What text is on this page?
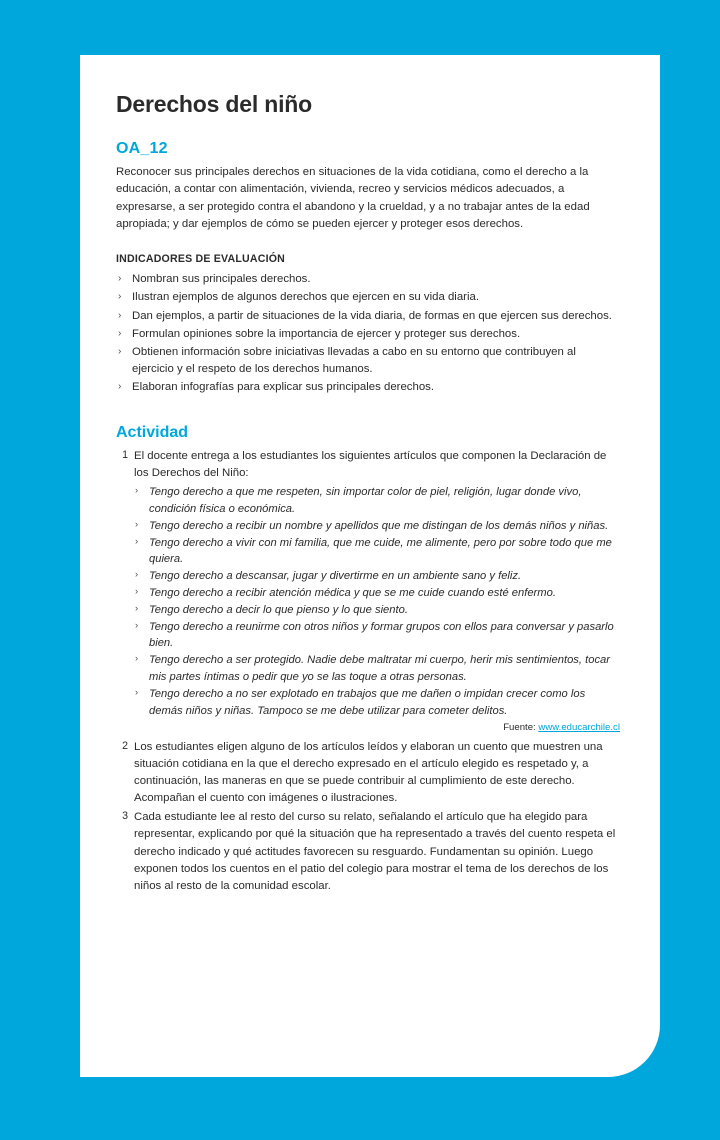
Derechos del niño
OA_12

Reconocer sus principales derechos en situaciones de la vida cotidiana, como el derecho a la educación, a contar con alimentación, vivienda, recreo y servicios médicos adecuados, a expresarse, a ser protegido contra el abandono y la crueldad, y a no trabajar antes de la edad apropiada; y dar ejemplos de cómo se pueden ejercer y proteger esos derechos.

INDICADORES DE EVALUACIÓN
› Nombran sus principales derechos.
› Ilustran ejemplos de algunos derechos que ejercen en su vida diaria.
› Dan ejemplos, a partir de situaciones de la vida diaria, de formas en que ejercen sus derechos.
› Formulan opiniones sobre la importancia de ejercer y proteger sus derechos.
› Obtienen información sobre iniciativas llevadas a cabo en su entorno que contribuyen al ejercicio y el respeto de los derechos humanos.
› Elaboran infografías para explicar sus principales derechos.
Actividad
1 El docente entrega a los estudiantes los siguientes artículos que componen la Declaración de los Derechos del Niño:
› Tengo derecho a que me respeten, sin importar color de piel, religión, lugar donde vivo, condición física o económica.
› Tengo derecho a recibir un nombre y apellidos que me distingan de los demás niños y niñas.
› Tengo derecho a vivir con mi familia, que me cuide, me alimente, pero por sobre todo que me quiera.
› Tengo derecho a descansar, jugar y divertirme en un ambiente sano y feliz.
› Tengo derecho a recibir atención médica y que se me cuide cuando esté enfermo.
› Tengo derecho a decir lo que pienso y lo que siento.
› Tengo derecho a reunirme con otros niños y formar grupos con ellos para conversar y pasarlo bien.
› Tengo derecho a ser protegido. Nadie debe maltratar mi cuerpo, herir mis sentimientos, tocar mis partes íntimas o pedir que yo se las toque a otras personas.
› Tengo derecho a no ser explotado en trabajos que me dañen o impidan crecer como los demás niños y niñas. Tampoco se me debe utilizar para cometer delitos.
Fuente: www.educarchile.cl
2 Los estudiantes eligen alguno de los artículos leídos y elaboran un cuento que muestren una situación cotidiana en la que el derecho expresado en el artículo elegido es respetado y, a continuación, las maneras en que se puede contribuir al cumplimiento de este derecho. Acompañan el cuento con imágenes o ilustraciones.
3 Cada estudiante lee al resto del curso su relato, señalando el artículo que ha elegido para representar, explicando por qué la situación que ha representado a través del cuento respeta el derecho indicado y qué actitudes favorecen su resguardo. Fundamentan su opinión. Luego exponen todos los cuentos en el patio del colegio para mostrar el tema de los derechos de los niños al resto de la comunidad escolar.
